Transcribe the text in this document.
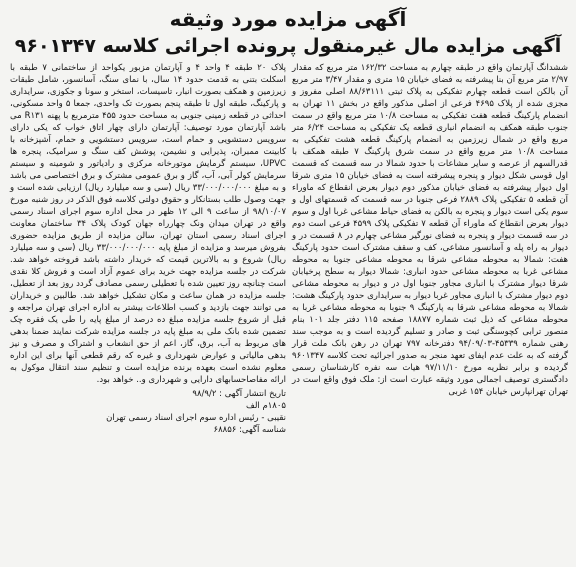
آگهی مزایده مورد وثیقه
آگهی مزایده مال غیرمنقول پرونده اجرائی کلاسه ۹۶۰۱۳۴۷

ششدانگ آپارتمان واقع در طبقه چهارم به مساحت ۱۶۲/۳۲ متر مربع که مقدار ۲/۹۷ متر مربع آن بنا پیشرفته به فضای خیابان ۱۵ متری و مقدار ۳/۴۷ متر مربع آن بالکن است قطعه چهارم تفکیکی به پلاک ثبتی ۸۸/۶۳۱۱۱ اصلی مفروز و مجزی شده از پلاک ۴۶۹۵ فرعی از اصلی مذکور واقع در بخش ۱۱ تهران به انضمام پارکینگ قطعه هفت تفکیکی به مساحت ۱۰/۸ متر مربع واقع در سمت جنوب طبقه همکف به انضمام انباری قطعه یک تفکیکی به مساحت ۶/۲۴ متر مربع واقع در شمال زیرزمین به انضمام پارکینگ قطعه هشت تفکیکی به مساحت ۱۰/۸ متر مربع واقع در سمت شرق پارکینگ ۷ طبقه همکف با قدرالسهم از عرصه و سایر مشاعات با حدود شمالا در سه قسمت که قسمت اول قوسی شکل دیوار و پنجره پیشرفته است به فضای خیابان ۱۵ متری شرقا اول دیوار پیشرفته به فضای خیابان مذکور دوم دیوار بعرض انقطاع که ماوراء آن قطعه ۵ تفکیکی پلاک ۲۸۸۹ فرعی جنوبا در سه قسمت که قسمتهای اول و سوم یکی است دیوار و پنجره به بالکن به فضای حیاط مشاعی غربا اول و سوم دیوار بعرض انقطاع که ماوراء آن قطعه ۷ تفکیکی پلاک ۴۵۹۹ فرعی است دوم در سه قسمت دیوار و پنجره به فضای نورگیر مشاعی چهارم در ۸ قسمت در و دیوار به راه پله و آسانسور مشاعی، کف و سقف مشترک است حدود پارکینگ هفت: شمالا به محوطه مشاعی شرقا به محوطه مشاعی جنوبا به محوطه مشاعی غربا به محوطه مشاعی حدود انباری: شمالا دیوار به سطح پرخیابان شرقا دیوار مشترک با انباری مجاور جنوبا اول در و دیوار به محوطه مشاعی دوم دیوار مشترک با انباری مجاور غربا دیوار به سرایداری حدود پارکینگ هشت: شمالا به محوطه مشاعی شرقا به پارکینگ ۹ جنوبا به محوطه مشاعی غربا به محوطه مشاعی که ذیل ثبت شماره ۱۸۸۷۷ صفحه ۱۱۵ دفتر جلد ۱۰۱ بنام منصور ترابی کچوسنگی ثبت و صادر و تسلیم گردیده است و به موجب سند رهنی شماره ۴۵۳۳۹-۹۴/۰۹/۰۳ دفترخانه ۷۹۷ تهران در رهن بانک ملت قرار گرفته که به علت عدم ایفای تعهد منجر به صدور اجرائیه تحت کلاسه ۹۶۰۱۳۴۷ گردیده و برابر نظریه مورخ ۹۷/۱۱/۱۰ هیات سه نفره کارشناسان رسمی دادگستری توصیف اجمالی مورد وثیقه عبارت است از: ملک فوق واقع است در تهران تهرانپارس خیابان ۱۵۴ غربی

پلاک ۲۰ طبقه ۴ واحد ۴ و آپارتمان مزبور یکواحد از ساختمانی ۷ طبقه با اسکلت بتنی به قدمت حدود ۱۴ سال، با نمای سنگ، آسانسور، شامل طبقات زیرزمین و همکف بصورت انبار، تاسیسات، استخر و سونا و جکوزی، سرایداری و پارکینگ، طبقه اول تا طبقه پنجم بصورت تک واحدی، جمعا ۵ واحد مسکونی، احداثی در قطعه زمینی جنوبی به مساحت حدود ۴۵۵ مترمربع با پهنه R۱۳۱ می باشد آپارتمان مورد توصیف: آپارتمان دارای چهار اتاق خواب که یکی دارای سرویس دستشویی و حمام است، سرویس دستشویی و حمام، آشپزخانه با کابینت ممبران، پذیرایی و نشیمن، پوشش کف سنگ و سرامیک، پنجره ها UPVC، سیستم گرمایش موتورخانه مرکزی و رادیاتور و شومینه و سیستم سرمایش کولر آبی، آب، گاز و برق عمومی مشترک و برق اختصاصی می باشد و به مبلغ ۳۳/۰۰۰/۰۰۰/۰۰۰ ریال (سی و سه میلیارد ریال) ارزیابی شده است و جهت وصول طلب بستانکار و حقوق دولتی کلاسه فوق الذکر در روز شنبه مورخ ۹۸/۱۰/۰۷ از ساعت ۹ الی ۱۲ ظهر در محل اداره سوم اجرای اسناد رسمی واقع در تهران میدان ونک چهارراه جهان کودک پلاک ۳۴ ساختمان معاونت اجرای اسناد رسمی استان تهران، سالن مزایده از طریق مزایده حضوری بفروش میرسد و مزایده از مبلغ پایه ۳۳/۰۰۰/۰۰۰/۰۰۰ ریال (سی و سه میلیارد ریال) شروع و به بالاترین قیمت که خریدار داشته باشد فروخته خواهد شد. شرکت در جلسه مزایده جهت خرید برای عموم آزاد است و فروش کلا نقدی است چنانچه روز تعیین شده با تعطیلی رسمی مصادف گردد روز بعد از تعطیل، جلسه مزایده در همان ساعت و مکان تشکیل خواهد شد. طالبین و خریداران می توانند جهت بازدید و کسب اطلاعات بیشتر به اداره اجرای تهران مراجعه و قبل از شروع جلسه مزایده مبلغ ده درصد از مبلغ پایه را طی یک فقره چک تضمین شده بانک ملی به مبلغ پایه در جلسه مزایده شرکت نمایند ضمنا بدهی های مربوط به آب، برق، گاز، اعم از حق انشعاب و اشتراک و مصرف و نیز بدهی مالیاتی و عوارض شهرداری و غیره که رقم قطعی آنها برای این اداره معلوم نشده است بعهده برنده مزایده است و تنظیم سند انتقال موکول به ارائه مفاصاحسابهای دارایی و شهرداری و.. خواهد بود.

تاریخ انتشار آگهی : ۹۸/۹/۲
۱۸۰۵م الف
نقیبی - رئیس اداره سوم اجرای اسناد رسمی تهران
شناسه آگهی: ۶۸۸۵۶
